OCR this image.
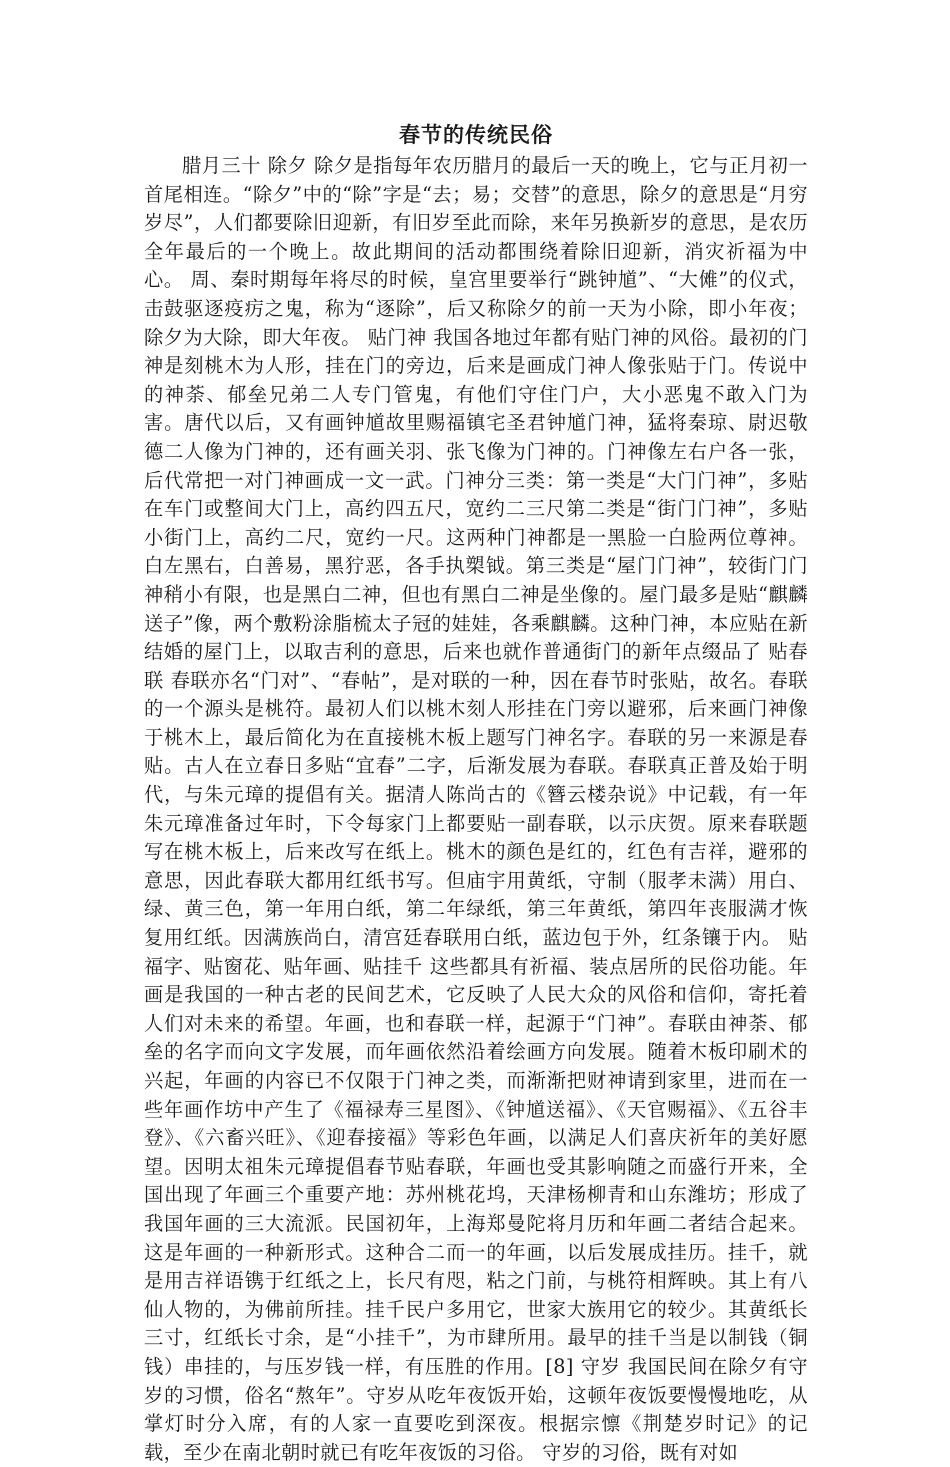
春节的传统民俗

腊月三十 除夕 除夕是指每年农历腊月的最后一天的晚上，它与正月初一首尾相连。“除夕”中的“除”字是“去；易；交替”的意思，除夕的意思是“月穷岁尽”，人们都要除旧迎新，有旧岁至此而除，来年另换新岁的意思，是农历全年最后的一个晚上。故此期间的活动都围绕着除旧迎新，消灾祈福为中心。 周、秦时期每年将尽的时候，皇宫里要举行“跳钟馗”、“大傩”的仪式，击鼓驱逐疫疠之鬼，称为“逐除”，后又称除夕的前一天为小除，即小年夜；除夕为大除，即大年夜。 贴门神 我国各地过年都有贴门神的风俗。最初的门神是刻桃木为人形，挂在门的旁边，后来是画成门神人像张贴于门。传说中的神荼、郁垒兄弟二人专门管鬼，有他们守住门户，大小恶鬼不敢入门为害。唐代以后，又有画钟馗故里赐福镇宅圣君钟馗门神，猛将秦琼、尉迟敬德二人像为门神的，还有画关羽、张飞像为门神的。门神像左右户各一张，后代常把一对门神画成一文一武。门神分三类：第一类是“大门门神”，多贴在车门或整间大门上，高约四五尺，宽约二三尺第二类是“街门门神”，多贴小街门上，高约二尺，宽约一尺。这两种门神都是一黑脸一白脸两位尊神。白左黑右，白善易，黑狞恶，各手执槊钺。第三类是“屋门门神”，较街门门神稍小有限，也是黑白二神，但也有黑白二神是坐像的。屋门最多是贴“麒麟送子”像，两个敷粉涂脂梳太子冠的娃娃，各乘麒麟。这种门神，本应贴在新结婚的屋门上，以取吉利的意思，后来也就作普通街门的新年点缀品了 贴春联 春联亦名“门对”、“春帖”，是对联的一种，因在春节时张贴，故名。春联的一个源头是桃符。最初人们以桃木刻人形挂在门旁以避邪，后来画门神像于桃木上，最后简化为在直接桃木板上题写门神名字。春联的另一来源是春贴。古人在立春日多贴“宜春”二字，后渐发展为春联。春联真正普及始于明代，与朱元璋的提倡有关。据清人陈尚古的《簪云楼杂说》中记载，有一年朱元璋准备过年时，下令每家门上都要贴一副春联，以示庆贺。原来春联题写在桃木板上，后来改写在纸上。桃木的颜色是红的，红色有吉祥，避邪的意思，因此春联大都用红纸书写。但庙宇用黄纸，守制（服孝未满）用白、绿、黄三色，第一年用白纸，第二年绿纸，第三年黄纸，第四年丧服满才恢复用红纸。因满族尚白，清宫廷春联用白纸，蓝边包于外，红条镶于内。 贴福字、贴窗花、贴年画、贴挂千 这些都具有祈福、装点居所的民俗功能。年画是我国的一种古老的民间艺术，它反映了人民大众的风俗和信仰，寄托着人们对未来的希望。年画，也和春联一样，起源于“门神”。春联由神荼、郁垒的名字而向文字发展，而年画依然沿着绘画方向发展。随着木板印刷术的兴起，年画的内容已不仅限于门神之类，而渐渐把财神请到家里，进而在一些年画作坊中产生了《福禄寿三星图》、《钟馗送福》、《天官赐福》、《五谷丰登》、《六畜兴旺》、《迎春接福》等彩色年画，以满足人们喜庆祈年的美好愿望。因明太祖朱元璋提倡春节贴春联，年画也受其影响随之而盛行开来，全国出现了年画三个重要产地：苏州桃花坞，天津杨柳青和山东潍坊；形成了我国年画的三大流派。民国初年，上海郑曼陀将月历和年画二者结合起来。这是年画的一种新形式。这种合二而一的年画，以后发展成挂历。挂千，就是用吉祥语镌于红纸之上，长尺有咫，粘之门前，与桃符相辉映。其上有八仙人物的，为佛前所挂。挂千民户多用它，世家大族用它的较少。其黄纸长三寸，红纸长寸余，是“小挂千”，为市肆所用。最早的挂千当是以制钱（铜钱）串挂的，与压岁钱一样，有压胜的作用。[8] 守岁 我国民间在除夕有守岁的习惯，俗名“熬年”。守岁从吃年夜饭开始，这顿年夜饭要慢慢地吃，从掌灯时分入席，有的人家一直要吃到深夜。根据宗懔《荆楚岁时记》的记载，至少在南北朝时就已有吃年夜饭的习俗。 守岁的习俗，既有对如
